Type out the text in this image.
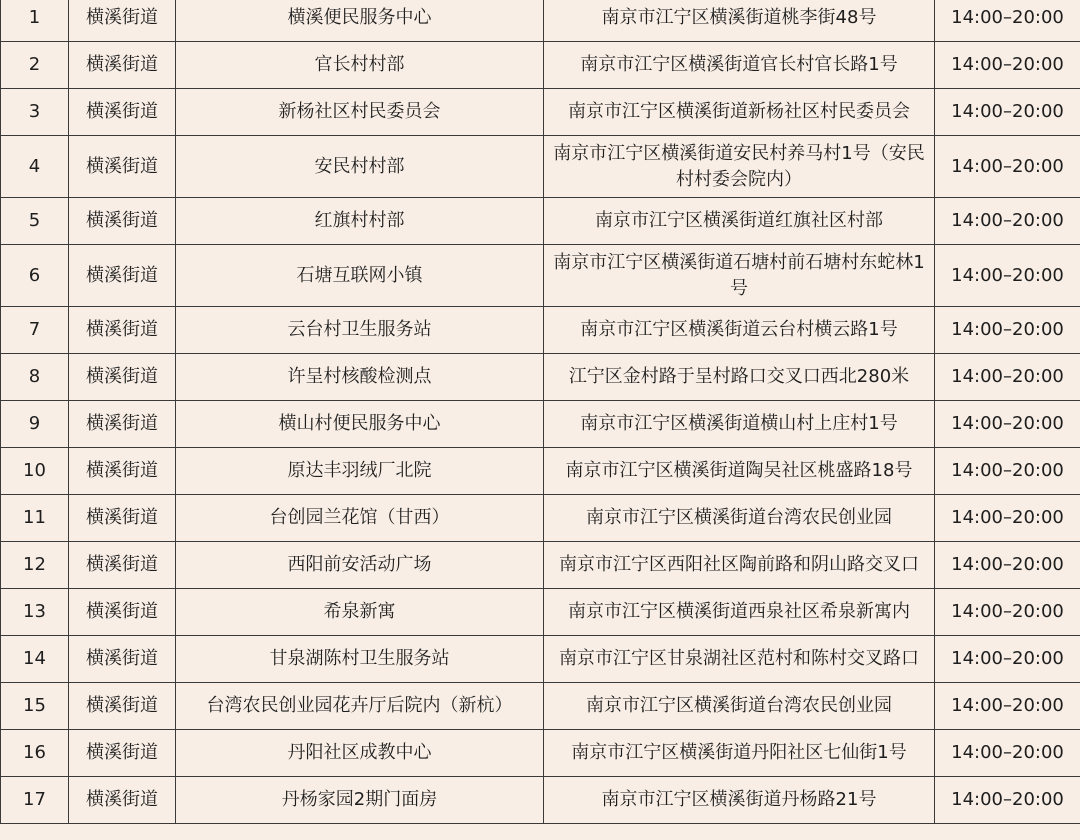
1	横溪街道	横溪便民服务中心	南京市江宁区横溪街道桃李街48号	14:00–20:00
2	横溪街道	官长村村部	南京市江宁区横溪街道官长村官长路1号	14:00–20:00
3	横溪街道	新杨社区村民委员会	南京市江宁区横溪街道新杨社区村民委员会	14:00–20:00
4	横溪街道	安民村村部	南京市江宁区横溪街道安民村养马村1号（安民村村委会院内）	14:00–20:00
5	横溪街道	红旗村村部	南京市江宁区横溪街道红旗社区村部	14:00–20:00
6	横溪街道	石塘互联网小镇	南京市江宁区横溪街道石塘村前石塘村东蛇林1号	14:00–20:00
7	横溪街道	云台村卫生服务站	南京市江宁区横溪街道云台村横云路1号	14:00–20:00
8	横溪街道	许呈村核酸检测点	江宁区金村路于呈村路口交叉口西北280米	14:00–20:00
9	横溪街道	横山村便民服务中心	南京市江宁区横溪街道横山村上庄村1号	14:00–20:00
10	横溪街道	原达丰羽绒厂北院	南京市江宁区横溪街道陶吴社区桃盛路18号	14:00–20:00
11	横溪街道	台创园兰花馆（甘西）	南京市江宁区横溪街道台湾农民创业园	14:00–20:00
12	横溪街道	西阳前安活动广场	南京市江宁区西阳社区陶前路和阴山路交叉口	14:00–20:00
13	横溪街道	希泉新寓	南京市江宁区横溪街道西泉社区希泉新寓内	14:00–20:00
14	横溪街道	甘泉湖陈村卫生服务站	南京市江宁区甘泉湖社区范村和陈村交叉路口	14:00–20:00
15	横溪街道	台湾农民创业园花卉厅后院内（新杭）	南京市江宁区横溪街道台湾农民创业园	14:00–20:00
16	横溪街道	丹阳社区成教中心	南京市江宁区横溪街道丹阳社区七仙街1号	14:00–20:00
17	横溪街道	丹杨家园2期门面房	南京市江宁区横溪街道丹杨路21号	14:00–20:00
